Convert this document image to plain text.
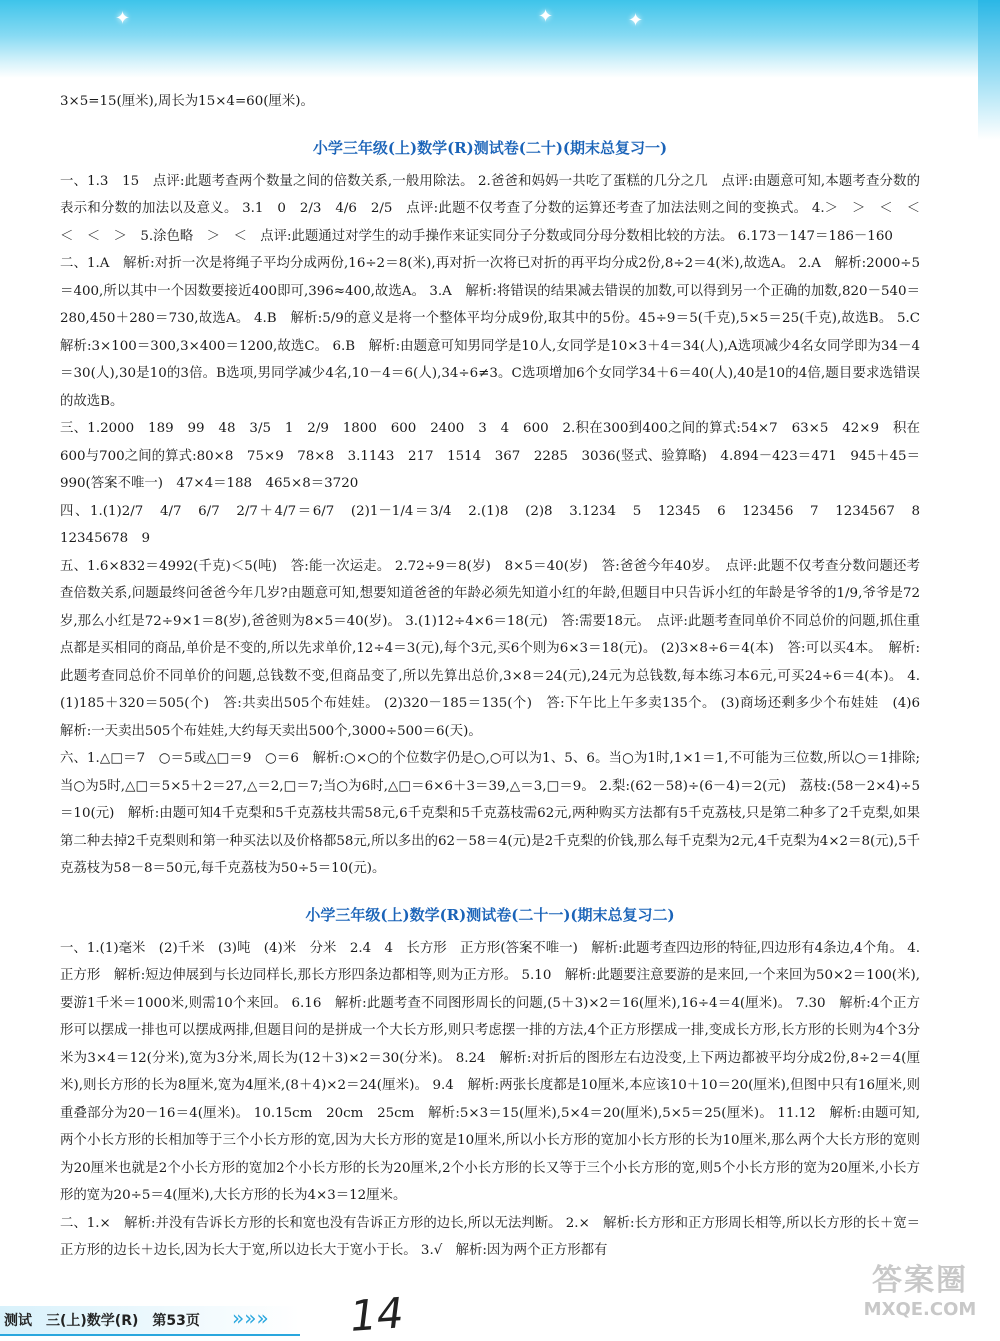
✦	✦	✦

3×5=15(厘米),周长为15×4=60(厘米)。

小学三年级(上)数学(R)测试卷(二十)(期末总复习一)

一、1.3　15　点评:此题考查两个数量之间的倍数关系,一般用除法。 2.爸爸和妈妈一共吃了蛋糕的几分之几　点评:由题意可知,本题考查分数的表示和分数的加法以及意义。 3.1　0　2/3　4/6　2/5　点评:此题不仅考查了分数的运算还考查了加法法则之间的变换式。 4.＞　＞　＜　＜　＜　＜　＞　5.涂色略　＞　＜　点评:此题通过对学生的动手操作来证实同分子分数或同分母分数相比较的方法。 6.173－147＝186－160

二、1.A　解析:对折一次是将绳子平均分成两份,16÷2＝8(米),再对折一次将已对折的再平均分成2份,8÷2＝4(米),故选A。 2.A　解析:2000÷5＝400,所以其中一个因数要接近400即可,396≈400,故选A。 3.A　解析:将错误的结果减去错误的加数,可以得到另一个正确的加数,820－540＝280,450＋280＝730,故选A。 4.B　解析:5/9的意义是将一个整体平均分成9份,取其中的5份。45÷9＝5(千克),5×5＝25(千克),故选B。 5.C　解析:3×100＝300,3×400＝1200,故选C。 6.B　解析:由题意可知男同学是10人,女同学是10×3＋4＝34(人),A选项减少4名女同学即为34－4＝30(人),30是10的3倍。B选项,男同学减少4名,10－4＝6(人),34÷6≠3。C选项增加6个女同学34＋6＝40(人),40是10的4倍,题目要求选错误的故选B。

三、1.2000　189　99　48　3/5　1　2/9　1800　600　2400　3　4　600　2.积在300到400之间的算式:54×7　63×5　42×9　积在600与700之间的算式:80×8　75×9　78×8　3.1143　217　1514　367　2285　3036(竖式、验算略)　4.894－423＝471　945＋45＝990(答案不唯一)　47×4＝188　465×8＝3720

四、1.(1)2/7　4/7　6/7　2/7＋4/7＝6/7　(2)1－1/4＝3/4　2.(1)8　(2)8　3.1234　5　12345　6　123456　7　1234567　8　12345678　9

五、1.6×832＝4992(千克)＜5(吨)　答:能一次运走。 2.72÷9＝8(岁)　8×5＝40(岁)　答:爸爸今年40岁。　点评:此题不仅考查分数问题还考查倍数关系,问题最终问爸爸今年几岁?由题意可知,想要知道爸爸的年龄必须先知道小红的年龄,但题目中只告诉小红的年龄是爷爷的1/9,爷爷是72岁,那么小红是72÷9×1＝8(岁),爸爸则为8×5＝40(岁)。 3.(1)12÷4×6＝18(元)　答:需要18元。　点评:此题考查同单价不同总价的问题,抓住重点都是买相同的商品,单价是不变的,所以先求单价,12÷4＝3(元),每个3元,买6个则为6×3＝18(元)。 (2)3×8÷6＝4(本)　答:可以买4本。　解析:此题考查同总价不同单价的问题,总钱数不变,但商品变了,所以先算出总价,3×8＝24(元),24元为总钱数,每本练习本6元,可买24÷6＝4(本)。 4.(1)185＋320＝505(个)　答:共卖出505个布娃娃。 (2)320－185＝135(个)　答:下午比上午多卖135个。 (3)商场还剩多少个布娃娃　(4)6　解析:一天卖出505个布娃娃,大约每天卖出500个,3000÷500＝6(天)。

六、1.△□＝7　○＝5或△□＝9　○＝6　解析:○×○的个位数字仍是○,○可以为1、5、6。当○为1时,1×1＝1,不可能为三位数,所以○＝1排除;当○为5时,△□＝5×5＋2＝27,△＝2,□＝7;当○为6时,△□＝6×6＋3＝39,△＝3,□＝9。 2.梨:(62－58)÷(6－4)＝2(元)　荔枝:(58－2×4)÷5＝10(元)　解析:由题可知4千克梨和5千克荔枝共需58元,6千克梨和5千克荔枝需62元,两种购买方法都有5千克荔枝,只是第二种多了2千克梨,如果第二种去掉2千克梨则和第一种买法以及价格都58元,所以多出的62－58＝4(元)是2千克梨的价钱,那么每千克梨为2元,4千克梨为4×2＝8(元),5千克荔枝为58－8＝50元,每千克荔枝为50÷5＝10(元)。

小学三年级(上)数学(R)测试卷(二十一)(期末总复习二)

一、1.(1)毫米　(2)千米　(3)吨　(4)米　分米　2.4　4　长方形　正方形(答案不唯一)　解析:此题考查四边形的特征,四边形有4条边,4个角。 4.正方形　解析:短边伸展到与长边同样长,那长方形四条边都相等,则为正方形。 5.10　解析:此题要注意要游的是来回,一个来回为50×2＝100(米),要游1千米＝1000米,则需10个来回。 6.16　解析:此题考查不同图形周长的问题,(5＋3)×2＝16(厘米),16÷4＝4(厘米)。 7.30　解析:4个正方形可以摆成一排也可以摆成两排,但题目问的是拼成一个大长方形,则只考虑摆一排的方法,4个正方形摆成一排,变成长方形,长方形的长则为4个3分米为3×4＝12(分米),宽为3分米,周长为(12＋3)×2＝30(分米)。 8.24　解析:对折后的图形左右边没变,上下两边都被平均分成2份,8÷2＝4(厘米),则长方形的长为8厘米,宽为4厘米,(8＋4)×2＝24(厘米)。 9.4　解析:两张长度都是10厘米,本应该10＋10＝20(厘米),但图中只有16厘米,则重叠部分为20－16＝4(厘米)。 10.15cm　20cm　25cm　解析:5×3＝15(厘米),5×4＝20(厘米),5×5＝25(厘米)。 11.12　解析:由题可知,两个小长方形的长相加等于三个小长方形的宽,因为大长方形的宽是10厘米,所以小长方形的宽加小长方形的长为10厘米,那么两个大长方形的宽则为20厘米也就是2个小长方形的宽加2个小长方形的长为20厘米,2个小长方形的长又等于三个小长方形的宽,则5个小长方形的宽为20厘米,小长方形的宽为20÷5＝4(厘米),大长方形的长为4×3＝12厘米。

二、1.×　解析:并没有告诉长方形的长和宽也没有告诉正方形的边长,所以无法判断。 2.×　解析:长方形和正方形周长相等,所以长方形的长＋宽＝正方形的边长＋边长,因为长大于宽,所以边长大于宽小于长。 3.√　解析:因为两个正方形都有

测试　三(上)数学(R)　第53页 »»» 14
答案圈
MXQE.COM
